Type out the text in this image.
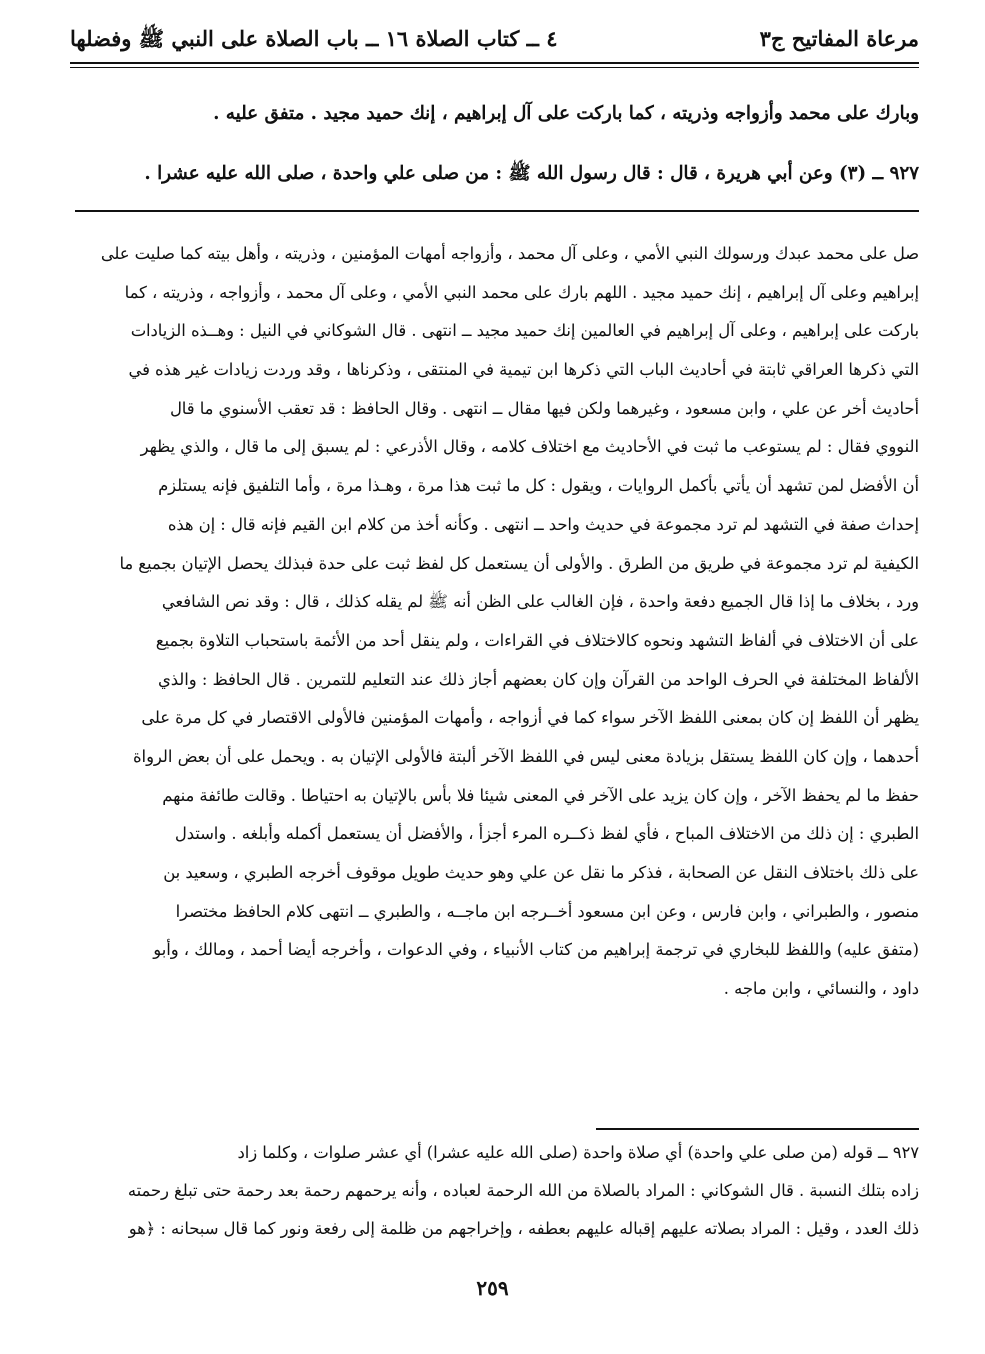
مرعاة المفاتيح ج٣
٤ ــ كتاب الصلاة ١٦ ــ باب الصلاة على النبي ﷺ وفضلها
وبارك على محمد وأزواجه وذريته ، كما باركت على آل إبراهيم ، إنك حميد مجيد . متفق عليه .
٩٢٧ ــ (٣) وعن أبي هريرة ، قال : قال رسول الله ﷺ : من صلى علي واحدة ، صلى الله عليه عشرا .
صل على محمد عبدك ورسولك النبي الأمي ، وعلى آل محمد ، وأزواجه أمهات المؤمنين ، وذريته ، وأهل بيته كما صليت على
إبراهيم وعلى آل إبراهيم ، إنك حميد مجيد . اللهم بارك على محمد النبي الأمي ، وعلى آل محمد ، وأزواجه ، وذريته ، كما
باركت على إبراهيم ، وعلى آل إبراهيم في العالمين إنك حميد مجيد ــ انتهى . قال الشوكاني في النيل : وهــذه الزيادات
التي ذكرها العراقي ثابتة في أحاديث الباب التي ذكرها ابن تيمية في المنتقى ، وذكرناها ، وقد وردت زيادات غير هذه في
أحاديث أخر عن علي ، وابن مسعود ، وغيرهما ولكن فيها مقال ــ انتهى . وقال الحافظ : قد تعقب الأسنوي ما قال
النووي فقال : لم يستوعب ما ثبت في الأحاديث مع اختلاف كلامه ، وقال الأذرعي : لم يسبق إلى ما قال ، والذي يظهر
أن الأفضل لمن تشهد أن يأتي بأكمل الروايات ، ويقول : كل ما ثبت هذا مرة ، وهـذا مرة ، وأما التلفيق فإنه يستلزم
إحداث صفة في التشهد لم ترد مجموعة في حديث واحد ــ انتهى . وكأنه أخذ من كلام ابن القيم فإنه قال : إن هذه
الكيفية لم ترد مجموعة في طريق من الطرق . والأولى أن يستعمل كل لفظ ثبت على حدة فبذلك يحصل الإتيان بجميع ما
ورد ، بخلاف ما إذا قال الجميع دفعة واحدة ، فإن الغالب على الظن أنه ﷺ لم يقله كذلك ، قال : وقد نص الشافعي
على أن الاختلاف في ألفاظ التشهد ونحوه كالاختلاف في القراءات ، ولم ينقل أحد من الأئمة باستحباب التلاوة بجميع
الألفاظ المختلفة في الحرف الواحد من القرآن وإن كان بعضهم أجاز ذلك عند التعليم للتمرين . قال الحافظ : والذي
يظهر أن اللفظ إن كان بمعنى اللفظ الآخر سواء كما في أزواجه ، وأمهات المؤمنين فالأولى الاقتصار في كل مرة على
أحدهما ، وإن كان اللفظ يستقل بزيادة معنى ليس في اللفظ الآخر ألبتة فالأولى الإتيان به . ويحمل على أن بعض الرواة
حفظ ما لم يحفظ الآخر ، وإن كان يزيد على الآخر في المعنى شيئا فلا بأس بالإتيان به احتياطا . وقالت طائفة منهم
الطبري : إن ذلك من الاختلاف المباح ، فأي لفظ ذكــره المرء أجزأ ، والأفضل أن يستعمل أكمله وأبلغه . واستدل
على ذلك باختلاف النقل عن الصحابة ، فذكر ما نقل عن علي وهو حديث طويل موقوف أخرجه الطبري ، وسعيد بن
منصور ، والطبراني ، وابن فارس ، وعن ابن مسعود أخــرجه ابن ماجــه ، والطبري ــ انتهى كلام الحافظ مختصرا
(متفق عليه) واللفظ للبخاري في ترجمة إبراهيم من كتاب الأنبياء ، وفي الدعوات ، وأخرجه أيضا أحمد ، ومالك ، وأبو
داود ، والنسائي ، وابن ماجه .
٩٢٧ ــ قوله (من صلى علي واحدة) أي صلاة واحدة (صلى الله عليه عشرا) أي عشر صلوات ، وكلما زاد
زاده بتلك النسبة . قال الشوكاني : المراد بالصلاة من الله الرحمة لعباده ، وأنه يرحمهم رحمة بعد رحمة حتى تبلغ رحمته
ذلك العدد ، وقيل : المراد بصلاته عليهم إقباله عليهم بعطفه ، وإخراجهم من ظلمة إلى رفعة ونور كما قال سبحانه : ﴿هو
٢٥٩
